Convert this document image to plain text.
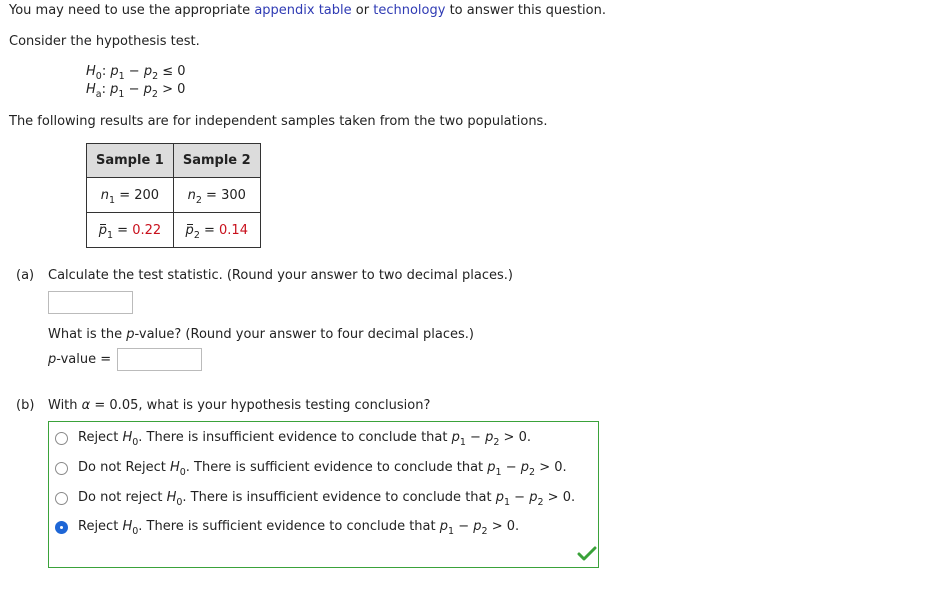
You may need to use the appropriate appendix table or technology to answer this question.
Consider the hypothesis test.
$H_0$: $p_1 - p_2 \le 0$
$H_a$: $p_1 - p_2 > 0$
The following results are for independent samples taken from the two populations.
Sample 1	Sample 2
$n_1 = 200$	$n_2 = 300$
$p_1 = 0.22$	$p_2 = 0.14$
(a) Calculate the test statistic. (Round your answer to two decimal places.)
What is the p-value? (Round your answer to four decimal places.)
p-value =
(b) With α = 0.05, what is your hypothesis testing conclusion?
Reject $H_0$. There is insufficient evidence to conclude that $p_1 - p_2 > 0$.
Do not Reject $H_0$. There is sufficient evidence to conclude that $p_1 - p_2 > 0$.
Do not reject $H_0$. There is insufficient evidence to conclude that $p_1 - p_2 > 0$.
Reject $H_0$. There is sufficient evidence to conclude that $p_1 - p_2 > 0$.
